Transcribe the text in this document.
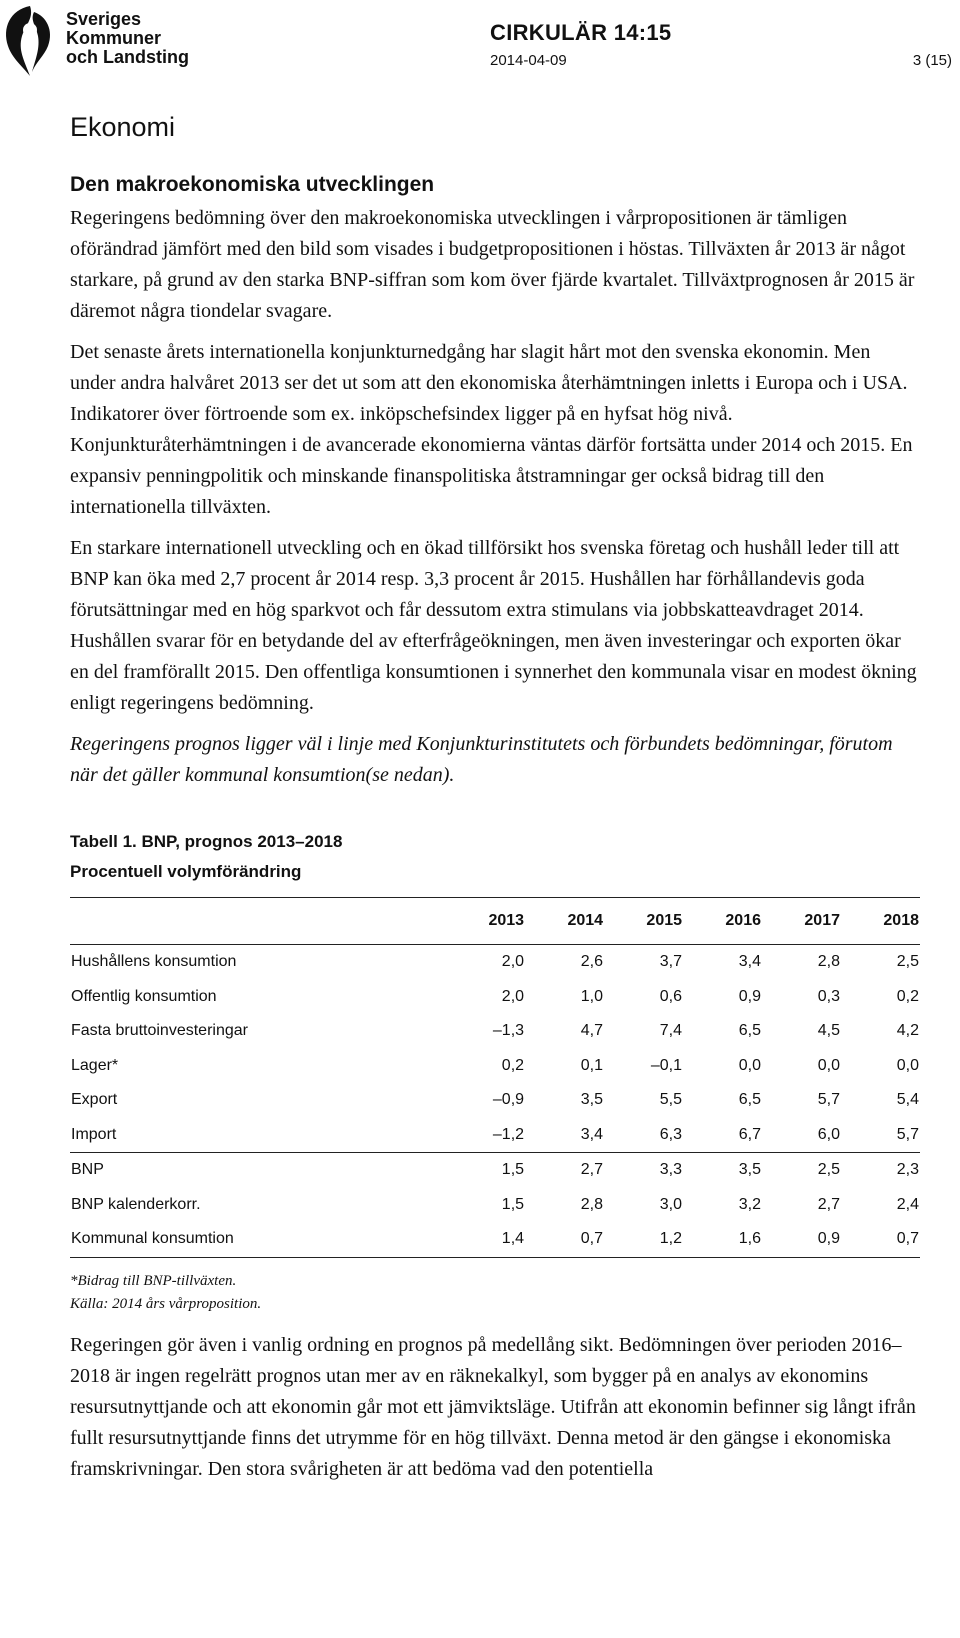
Sveriges
Kommuner
och Landsting
CIRKULÄR 14:15
2014-04-09	3 (15)
Ekonomi
Den makroekonomiska utvecklingen

Regeringens bedömning över den makroekonomiska utvecklingen i vårpropositionen är tämligen oförändrad jämfört med den bild som visades i budgetpropositionen i höstas. Tillväxten år 2013 är något starkare, på grund av den starka BNP-siffran som kom över fjärde kvartalet. Tillväxtprognosen år 2015 är däremot några tiondelar svagare.

Det senaste årets internationella konjunkturnedgång har slagit hårt mot den svenska ekonomin. Men under andra halvåret 2013 ser det ut som att den ekonomiska återhämtningen inletts i Europa och i USA. Indikatorer över förtroende som ex. inköpschefsindex ligger på en hyfsat hög nivå. Konjunkturåterhämtningen i de avancerade ekonomierna väntas därför fortsätta under 2014 och 2015. En expansiv penningpolitik och minskande finanspolitiska åtstramningar ger också bidrag till den internationella tillväxten.

En starkare internationell utveckling och en ökad tillförsikt hos svenska företag och hushåll leder till att BNP kan öka med 2,7 procent år 2014 resp. 3,3 procent år 2015. Hushållen har förhållandevis goda förutsättningar med en hög sparkvot och får dessutom extra stimulans via jobbskatteavdraget 2014. Hushållen svarar för en betydande del av efterfrågeökningen, men även investeringar och exporten ökar en del framförallt 2015. Den offentliga konsumtionen i synnerhet den kommunala visar en modest ökning enligt regeringens bedömning.

Regeringens prognos ligger väl i linje med Konjunkturinstitutets och förbundets bedömningar, förutom när det gäller kommunal konsumtion(se nedan).

Tabell 1. BNP, prognos 2013–2018
Procentuell volymförändring
	2013	2014	2015	2016	2017	2018
Hushållens konsumtion	2,0	2,6	3,7	3,4	2,8	2,5
Offentlig konsumtion	2,0	1,0	0,6	0,9	0,3	0,2
Fasta bruttoinvesteringar	–1,3	4,7	7,4	6,5	4,5	4,2
Lager*	0,2	0,1	–0,1	0,0	0,0	0,0
Export	–0,9	3,5	5,5	6,5	5,7	5,4
Import	–1,2	3,4	6,3	6,7	6,0	5,7
BNP	1,5	2,7	3,3	3,5	2,5	2,3
BNP kalenderkorr.	1,5	2,8	3,0	3,2	2,7	2,4
Kommunal konsumtion	1,4	0,7	1,2	1,6	0,9	0,7
*Bidrag till BNP-tillväxten.
Källa: 2014 års vårproposition.

Regeringen gör även i vanlig ordning en prognos på medellång sikt. Bedömningen över perioden 2016–2018 är ingen regelrätt prognos utan mer av en räknekalkyl, som bygger på en analys av ekonomins resursutnyttjande och att ekonomin går mot ett jämviktsläge. Utifrån att ekonomin befinner sig långt ifrån fullt resursutnyttjande finns det utrymme för en hög tillväxt. Denna metod är den gängse i ekonomiska framskrivningar. Den stora svårigheten är att bedöma vad den potentiella
